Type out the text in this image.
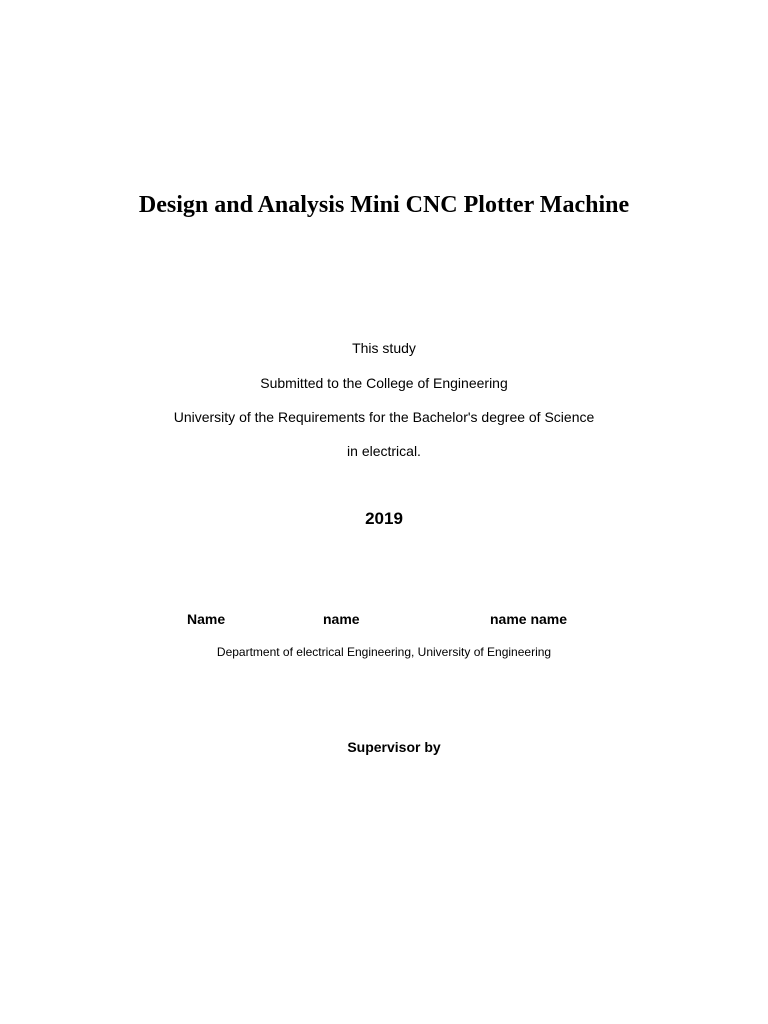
Design and Analysis Mini CNC Plotter Machine
This study
Submitted to the College of Engineering
University of the Requirements for the Bachelor's degree of Science
in electrical.
2019
Name	name	name name
Department of electrical Engineering, University of Engineering
Supervisor by
